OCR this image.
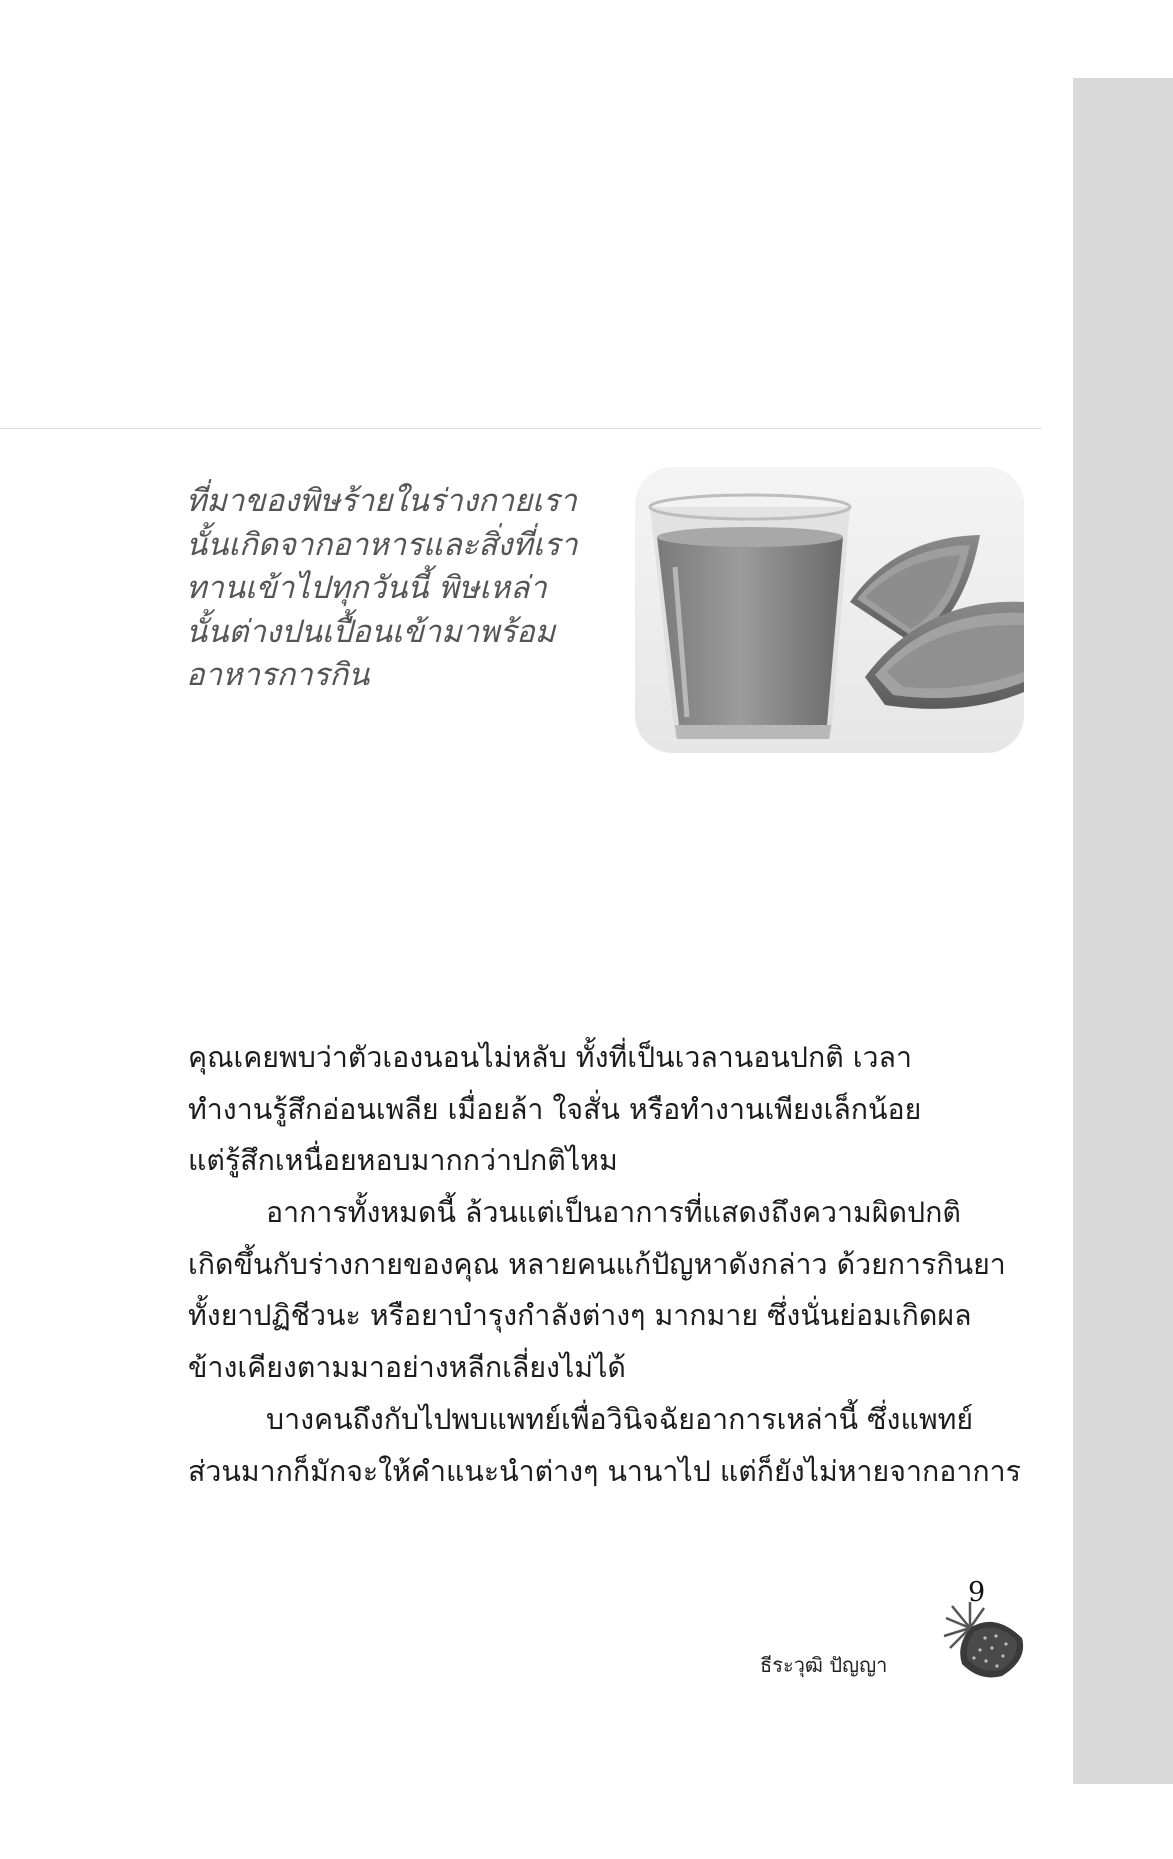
ที่มาของพิษร้ายในร่างกายเรา
นั้นเกิดจากอาหารและสิ่งที่เรา
ทานเข้าไปทุกวันนี้ พิษเหล่า
นั้นต่างปนเปื้อนเข้ามาพร้อม
อาหารการกิน
คุณเคยพบว่าตัวเองนอนไม่หลับ ทั้งที่เป็นเวลานอนปกติ เวลา
ทำงานรู้สึกอ่อนเพลีย เมื่อยล้า ใจสั่น หรือทำงานเพียงเล็กน้อย
แต่รู้สึกเหนื่อยหอบมากกว่าปกติไหม
อาการทั้งหมดนี้ ล้วนแต่เป็นอาการที่แสดงถึงความผิดปกติ
เกิดขึ้นกับร่างกายของคุณ หลายคนแก้ปัญหาดังกล่าว ด้วยการกินยา
ทั้งยาปฏิชีวนะ หรือยาบำรุงกำลังต่างๆ มากมาย ซึ่งนั่นย่อมเกิดผล
ข้างเคียงตามมาอย่างหลีกเลี่ยงไม่ได้
บางคนถึงกับไปพบแพทย์เพื่อวินิจฉัยอาการเหล่านี้ ซึ่งแพทย์
ส่วนมากก็มักจะให้คำแนะนำต่างๆ นานาไป แต่ก็ยังไม่หายจากอาการ
9
ธีระวุฒิ ปัญญา
